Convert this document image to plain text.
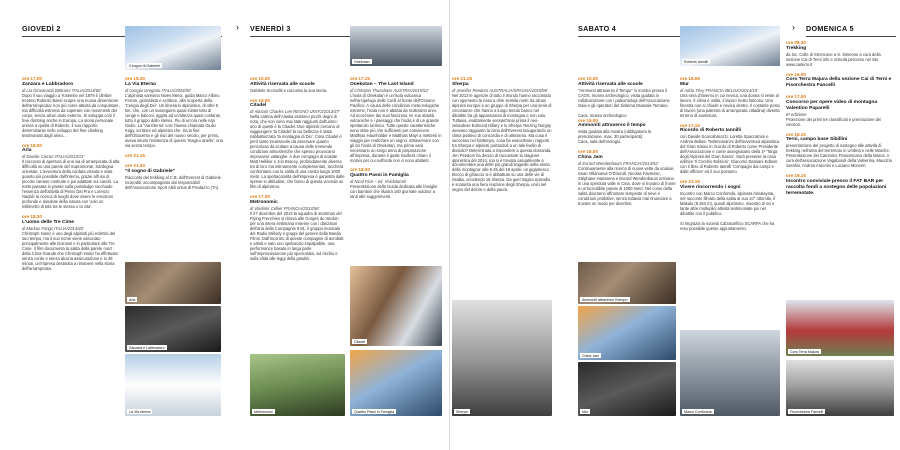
GIOVEDÌ 2	› VENERDÌ 3
ore 17.00
Zanzara e Labbradoro
di Lia Giovanazzi Beltrami ITALIA/2014/60'
Dopo il suo viaggio a Yosemite nel 1979 il climber trentino Roberto Bassi scopre una nuova dimensione dell'arrampicata: non più come attività da conquistare, ma difficoltà estrema da superare con movimenti del corpo, senza alcun aiuto esterno. Si sviluppa così il free climbing anche in Europa. La storia personale unisce a quella di Roberto, il suo rapporto determinante nello sviluppo del free climbing testimoniati dagli amici...
ore 18.00
Arla
di Davide Carrari ITALIA/2013/13'
Il racconto di apertura di una via di arrampicata di alta difficoltà su una parete del Supramonte, Sardegna orientale. L'avventura della cordata vissuta e vista quanto più possibile dall'interno, grazie all'uso di piccole camere costruite e poi adattate sui caschi. La notte passata in parete sulla portaledge racchiude l'essenza dell'attività di Pietro Dal Pra e Lorenzo Nadali: la ricerca di luoghi dove vivere le emozioni profonde e assolute della natura con 'solo un millimetro di tela tra te stesso e la vita'.
ore 18.30
L'uomo delle Tre Cime
di Markus Frings ITALIA/2013/40'
Christoph Hainz è uno degli alpinisti più eclettici del suo tempo, ma il suo nome viene associato principalmente alle Dolomiti e in particolare alle Tre Cime. Il film documenta la salita della parete nord della Cima Grande che Christoph Hainz ha effettuato senza corde e senza alcuna assicurazione e in 48 minuti, un'impresa destinata a rimanere nella storia dell'arrampicata.
ore 19.30
La Via Eterna
di Giorgio Gregorio ITALIA/2003/50'
L'alpinista varesina Nives Meroi, guida Marco Albino Ferrari, giornalista e scrittore, alla scoperta della 'Cengia degli Dei'. Un itinerario alpinistico, di oltre 5 km, che, con un susseguirsi quasi ininterrotto di cenge e balconi, aggira ad un'altezza quasi costante, tutto il gruppo dello stelvio. Piu di un'ora nelle Alpi Giulie. La 'Via Eterna' così l'aveva chiamata Giulio Kugy, scrittore ed alpinista che, tra la fine dell'Ottocento e gli inizi del nuovo secolo, per primo, aveva intuito l'esistenza di questo 'magico anello', una via senza tempo.
ore 21.15
ore 21.30
"Il sogno di Gabriele"
Racconto del trekking al C.B. dell'Everest di Gabriele Scoroditi, accompagnato dai responsabili dell'Associazione Sport Abili onlus di Predazzo (Tn).
ore 10.00
Attività riservata alle scuole
Gabriele Scoroditi e racconta la sua storia.
ore 16.00
Citadel
di Alastair Charles Lee REGNO UNITO/2013/47'
Nella catena dell'Alaska esistono picchi degni di nota, che non sono mai stati raggiunti dall'uomo: uno di questi è la Citadel. Due alpinisti cercano di raggiungere 'la Citadel' la cui bellezza è stata riabbattezzata 'la montagna di Dio'. Cima Citadel è però tanto incantevole da osservare quanto pericolosa da scalare a causa delle tremende condizioni atmosferiche che spesso provocano improvvise valanghe. A due compagni di scalate Matt Helliker e Jon Bracey, profondamente diversa tra di loro ma intimamente complementari, toccherà confrontarsi con la salita di una cresta lunga 1000 metri. La spettacolarità dell'impresa è garantita dalle riprese in altitudine, che fanno di questa vicenda un film di alpinismo.
ore 17.00
Metronomic
di Vladimir Cellier FRANCIA/2013/56'
Il 27 dicembre del 2013 la squadra di stuntman del Flying Frenchies si ritrova alle Gorges du Verdon per una intera settimana insieme con i danzatori dell'aria della Compagnie 9.81, il gruppo musicale del Radio Mélody e gruppi del genere della Banda Films. Dall'incontro di queste compagnie di acrobati e artisti e nato uno spettacolo impalpabile, una performance basata in larga parte sull'improvvisazione più spericolata, sul rischio e sulla sfida alle leggi della gravità.
ore 17.15
Onekotan – The Last Island
di Christian Thussbass AUSTRIA/2015/52'
L'isola di Onekotan è un'isola vulcanica nell'arcipelago delle Curili al fronte dell'Oceano Pacifico. A causa delle condizioni meteorologiche estreme, l'isola non è abitata da moltissimi anni. Ad eccezione dei suoi fascinosi, lei sue attività vulcaniche e i paesaggi che l'isola è di un grande spettacolo turistico. Tutte queste caratteristiche sono state più che sufficienti per convincere Matthias Haunholder e Matthias Mayr a mettersi in viaggio per realizzare un sogno: attraversare con gli sci l'isola di Onekotan, ma prima sarà necessario un lungo anno di preparazione all'impresa, durante il quale risulterà chiaro il motivo per cui sull'isola non ci sono abitanti.
ore 18.30
Quattro Passi in Famiglia
di Nicol Fiori – ed. Vividolomiti
Presentazione della Guida dedicata alle famiglie con bambini che illustra 150 giornate outdoor a tanti altri suggerimenti.
Il sogno di Gabriele
Arla
Zanzara e Labbradoro
La Via eterna	Metronomic
Onekotan
Citadel
Quattro Passi in Famiglia
ore 21.15
Sherpa
di Jennifer Peedom AUSTRALIA/SPAGNA/2015/96'
Nel 2013 le agenzie di tutto il mondo hanno raccontato con sgomento la rissa a oltre seimila metri tra alcuni alpinisti europei e un gruppo di Sherpa per una serie di circostanze che hanno a lungo tenuto banco nel dibattito tra gli appassionati di montagna e non solo. Tuttavia, esattamente sessant'anni prima il neo-zelandese Edmund Hillary e lo Sherpa Tenzing Norgay avevano raggiunto la cima dell'Everest inaugurando un clima positivo di concordia e di ottimismo. Ma cosa è successo nel frattempo, cosa ha esacerbato i rapporti tra Sherpa e alpinisti portandoli a un tale livello di dissidio? Determinata a rispondere a questa domanda, Jen Peedom ha deciso di raccontare la stagione alpinistica del 2014, ma si è trovata casualmente a documentare una delle più grandi tragedie nella storia della montagna: alle 6.45 del 18 aprile, un gigantesco blocco di ghiaccio si è abbattuto su una delle vie di risalita, uccidendo 16 sherpa. Da quel tragico episodio è scaturita una fiera reazione degli Sherpa, unici nel segno del dolore e della paura.
Sherpa
SABATO 4	› DOMENICA 5
ore 10.00
Attività riservata alle scuole
"Ammonti attraverso il Tempo" in mostra presso il CAOS, museo archeologico, visita guidata in collaborazione con i paleontologi dell'Associazione Gaia e gli operatori del Sistema Museale Ternano.
Caos, museo archeologico
ore 16.00
Ammoniti attraverso il tempo
visita guidata alla mostra (obbligatoria la prenotazione, max. 30 partecipanti).
Caos, sala dell'orologio.
ore 16.00
China Jam
di Evrard Wendenbaum FRANCIA/2013/52'
Continuamente alla ricerca di nuove vette da scalare, Sean Villanueva O'Driscoll, Nicolas Favresse, Stéphane Hanssens e Evrard Wendenbaum arrivano in una sperduta valle in Cina, dove si trovano di fronte a un'incredibile parete di 1000 metri. Nel corso della salita dovranno affrontare tempeste di neve e condizioni proibitive, senza tuttavia mai rinunciare a trovare un modo per divertirsi.
ore 16.55
Mur
di Adda Tévy FRANCIA-BELGIO/2014/10'
Una sera d'inverno in cui nevica, una donna si veste al lavoro. Il clima è ostile, il lavoro molto faticoso. Una finestra non si chiude e nevica dentro. Il costante posto di lavoro (una palestra di arrampicata cittadina) diventa terreno di avventura.
ore 17.15
Ricordo di Roberto Iannilli
con Davide Scarcabarozzi, Loretta Spaccatrosi e Andrea Bollati. Testimonianze dell'avventura alpinistica del Gran Sasso in ricordo di Roberto come Presidente dell'Associazione e come assegnatario della 1ª 'Targa degli Alpinisti del Gran Sasso'. Sarà presente la casa editrice 'Il Cerchio Edizioni', Giacomo Damiani Editore con il libro di Roberto Iannilli 'Compagni dai campi e dalle officine' ed il suo postumo.
ore 21.15
Vivere rincorrendo i sogni
Incontro con Marco Confortola, alpinista himalaysta, nel racconto filmato della salita al suo 10° ottomila, il Makalu (8.463 m), quindi alpinismo, maestro di sci e tante altre molteplici attività testimoniate poi nel dibattito con il pubblico.
Si ringrazia la società Calzaturificio SCARPA che ha reso possibile questo appuntamento.
ore 08.30
Trekking
da loc. Colle di Stroncone a S. Simeone a cura della sezione Cai di Terni info e scheda percorso nel sito www.caiterni.it
ore 16.00
Coro Terra Majura della sezione Cai di Terni e Fisorchestra Fancelli
ore 17.00
Concorso per opere video di montagna Valentino Paparelli
6ª edizione
Proiezione dei primi tre classificati e premiazione dei vincitori.
ore 18.15
Terni, campo base Sibillini
presentazione del progetto di sostegno alle attività di trekking nell'area del terremoto in Umbria e nelle Marche. Presentazione del Cammino Francescano della Marca. A cura dell'associazione Vagabondi della Valnerina, Maurizio Serafini, Andrea Antonini e Luciano Monceri.
ore 19.15
Incontro conviviale presso il FAT BAR per raccolta fondi a sostegno delle popolazioni terremotate.
Roberto Iannilli
Ammoniti attraverso il tempo
China Jam
Mur	Marco Confortola
Coro Terra Majura
Fisorchestra Fancelli
